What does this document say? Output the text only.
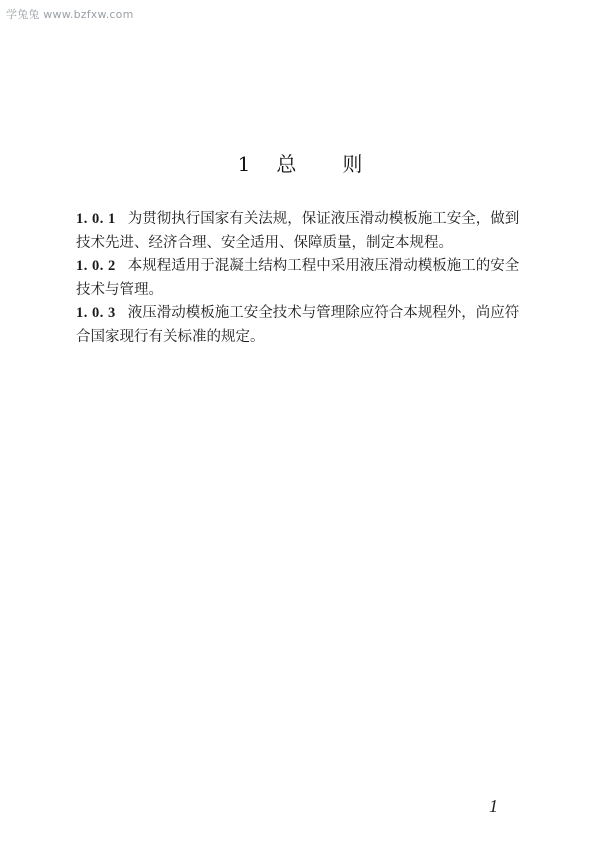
学兔兔 www.bzfxw.com
1 总 则

1. 0. 1 为贯彻执行国家有关法规，保证液压滑动模板施工安全，做到技术先进、经济合理、安全适用、保障质量，制定本规程。

1. 0. 2 本规程适用于混凝土结构工程中采用液压滑动模板施工的安全技术与管理。

1. 0. 3 液压滑动模板施工安全技术与管理除应符合本规程外，尚应符合国家现行有关标准的规定。

1
